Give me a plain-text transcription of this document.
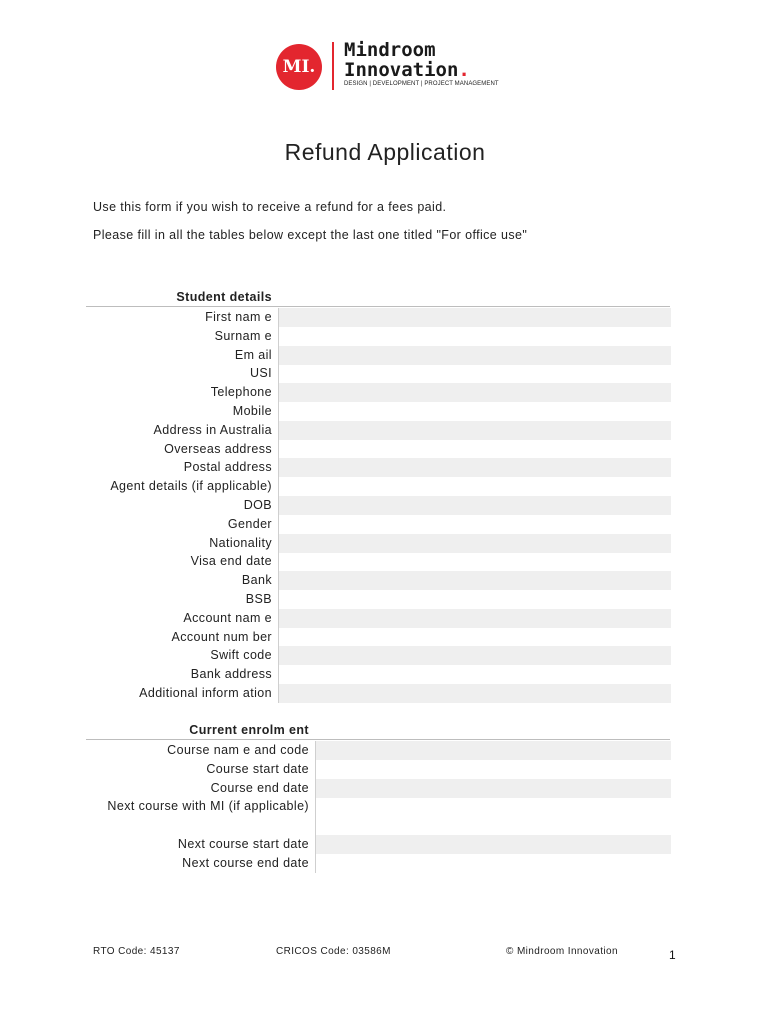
MI.
Mindroom
Innovation.
DESIGN | DEVELOPMENT | PROJECT MANAGEMENT
Refund Application
Use this form if you wish to receive a refund for a fees paid.
Please fill in all the tables below except the last one titled "For office use"
Student details
First nam e
Surnam e
Em ail
USI
Telephone
Mobile
Address in Australia
Overseas address
Postal address
Agent details (if applicable)
DOB
Gender
Nationality
Visa end date
Bank
BSB
Account nam e
Account num ber
Swift code
Bank address
Additional inform ation
Current enrolm ent
Course nam e and code
Course start date
Course end date
Next course with MI (if applicable)
Next course start date
Next course end date
RTO Code: 45137	CRICOS Code: 03586M	© Mindroom Innovation	1
